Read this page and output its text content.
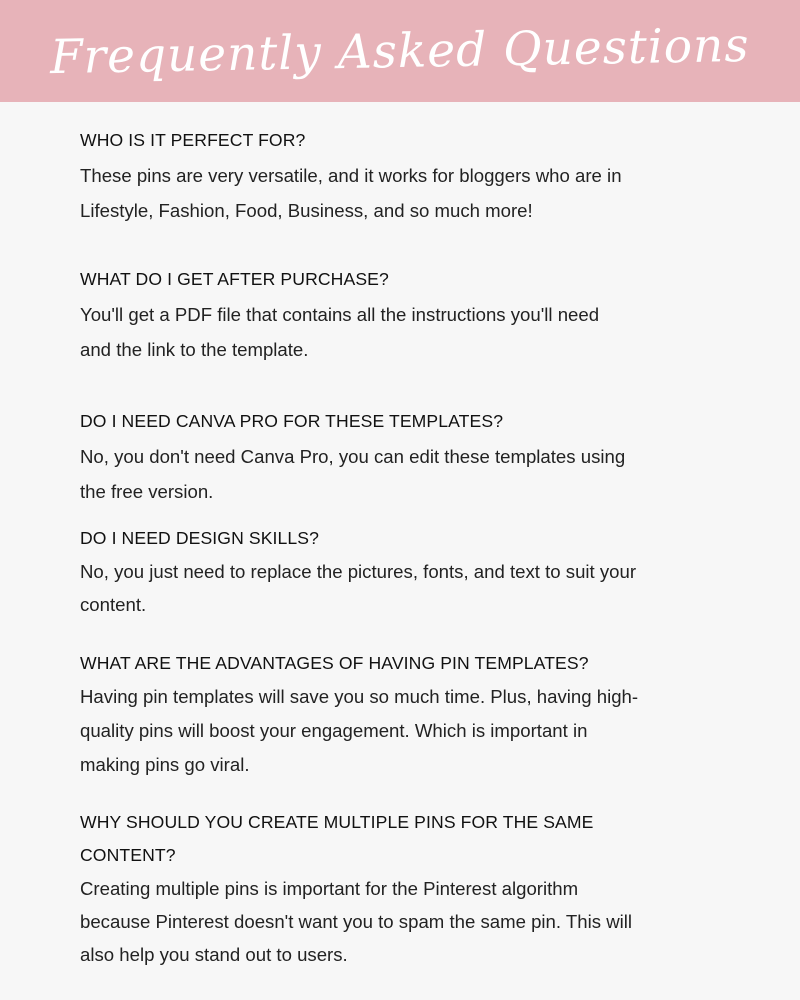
Frequently Asked Questions
WHO IS IT PERFECT FOR?

These pins are very versatile, and it works for bloggers who are in

Lifestyle, Fashion, Food, Business, and so much more!

WHAT DO I GET AFTER PURCHASE?

You'll get a PDF file that contains all the instructions you'll need

and the link to the template.

DO I NEED CANVA PRO FOR THESE TEMPLATES?

No, you don't need Canva Pro, you can edit these templates using

the free version.

DO I NEED DESIGN SKILLS?

No, you just need to replace the pictures, fonts, and text to suit your

content.

WHAT ARE THE ADVANTAGES OF HAVING PIN TEMPLATES?

Having pin templates will save you so much time. Plus, having high-

quality pins will boost your engagement. Which is important in

making pins go viral.

WHY SHOULD YOU CREATE MULTIPLE PINS FOR THE SAME
CONTENT?

Creating multiple pins is important for the Pinterest algorithm

because Pinterest doesn't want you to spam the same pin. This will

also help you stand out to users.
